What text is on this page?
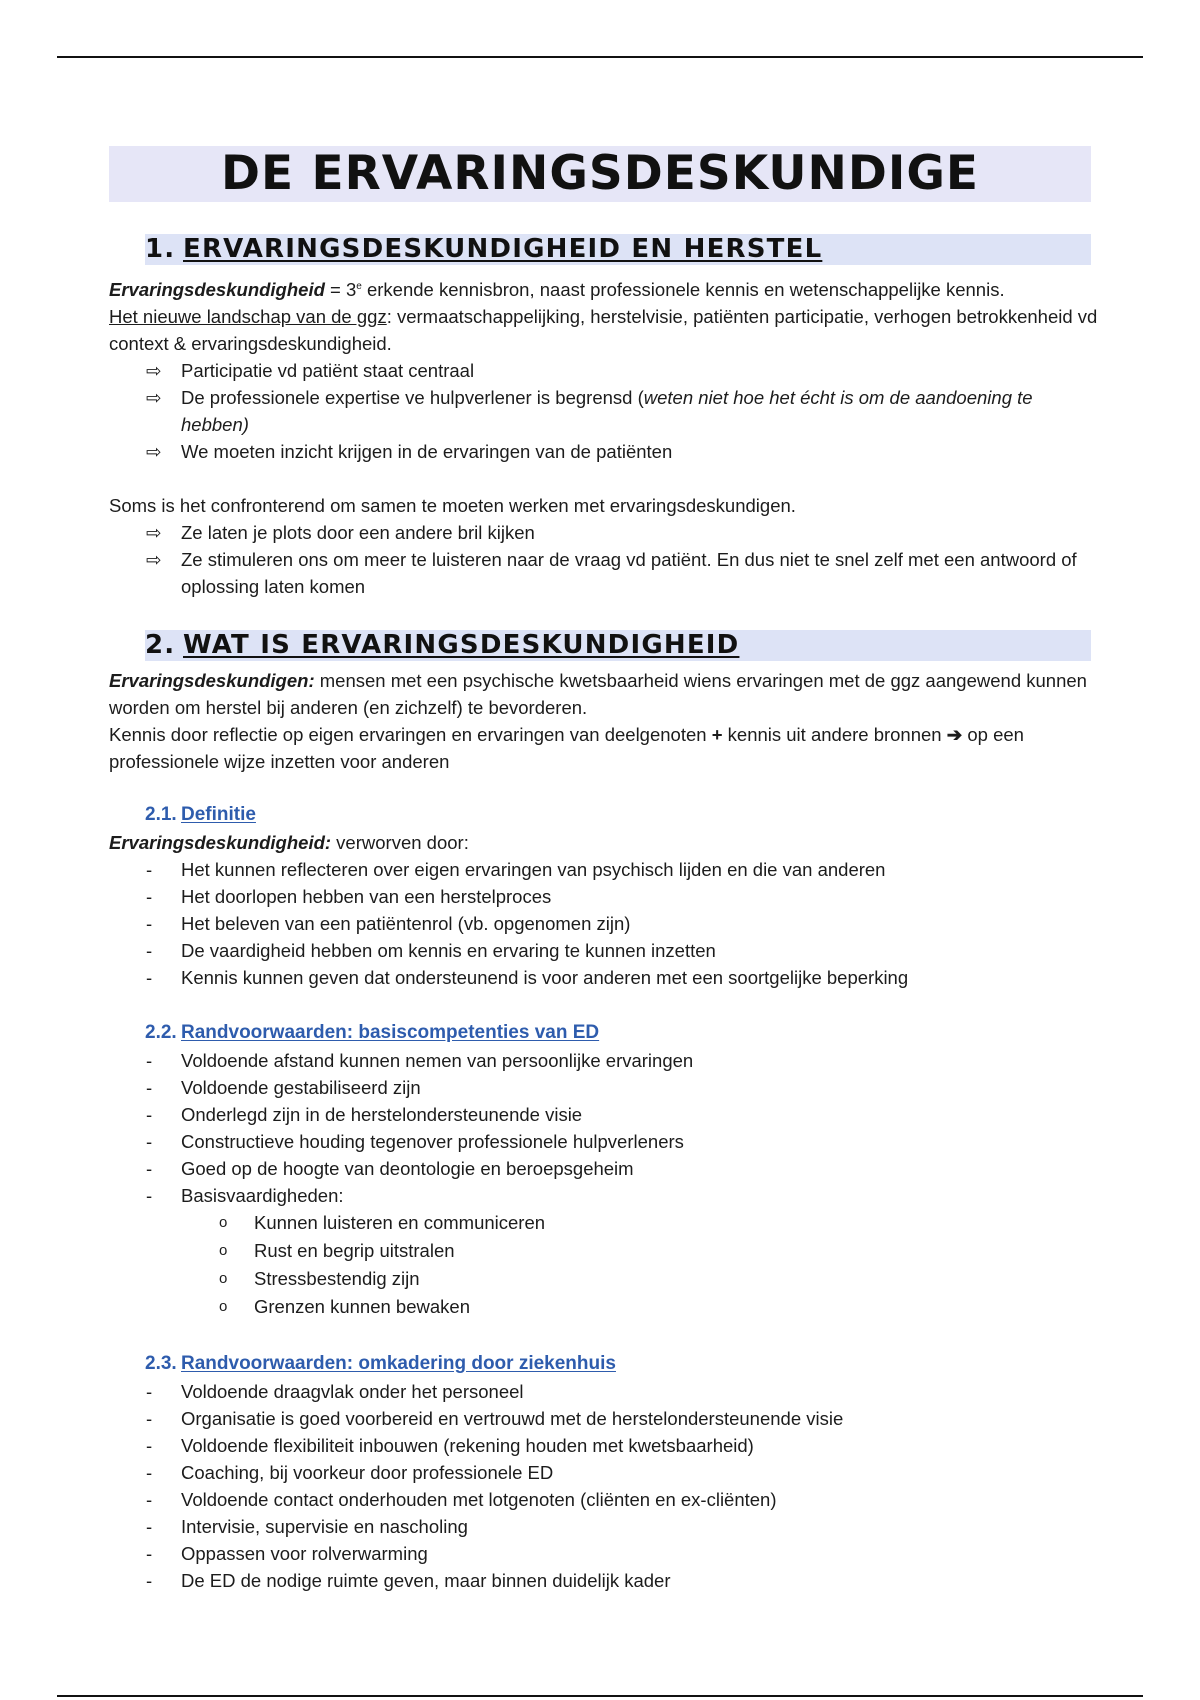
DE ERVARINGSDESKUNDIGE
1. ERVARINGSDESKUNDIGHEID EN HERSTEL

Ervaringsdeskundigheid = $3^e$ erkende kennisbron, naast professionele kennis en wetenschappelijke kennis.

Het nieuwe landschap van de ggz: vermaatschappelijking, herstelvisie, patiënten participatie, verhogen betrokkenheid vd context & ervaringsdeskundigheid.

⇨ Participatie vd patiënt staat centraal
⇨ De professionele expertise ve hulpverlener is begrensd (weten niet hoe het écht is om de aandoening te hebben)
⇨ We moeten inzicht krijgen in de ervaringen van de patiënten

Soms is het confronterend om samen te moeten werken met ervaringsdeskundigen.

⇨ Ze laten je plots door een andere bril kijken
⇨ Ze stimuleren ons om meer te luisteren naar de vraag vd patiënt. En dus niet te snel zelf met een antwoord of oplossing laten komen
2. WAT IS ERVARINGSDESKUNDIGHEID

Ervaringsdeskundigen: mensen met een psychische kwetsbaarheid wiens ervaringen met de ggz aangewend kunnen worden om herstel bij anderen (en zichzelf) te bevorderen.

Kennis door reflectie op eigen ervaringen en ervaringen van deelgenoten + kennis uit andere bronnen ➔ op een professionele wijze inzetten voor anderen

2.1. Definitie

Ervaringsdeskundigheid: verworven door:

- Het kunnen reflecteren over eigen ervaringen van psychisch lijden en die van anderen
- Het doorlopen hebben van een herstelproces
- Het beleven van een patiëntenrol (vb. opgenomen zijn)
- De vaardigheid hebben om kennis en ervaring te kunnen inzetten
- Kennis kunnen geven dat ondersteunend is voor anderen met een soortgelijke beperking
2.2. Randvoorwaarden: basiscompetenties van ED
- Voldoende afstand kunnen nemen van persoonlijke ervaringen
- Voldoende gestabiliseerd zijn
- Onderlegd zijn in de herstelondersteunende visie
- Constructieve houding tegenover professionele hulpverleners
- Goed op de hoogte van deontologie en beroepsgeheim
- Basisvaardigheden:
o Kunnen luisteren en communiceren
o Rust en begrip uitstralen
o Stressbestendig zijn
o Grenzen kunnen bewaken
2.3. Randvoorwaarden: omkadering door ziekenhuis
- Voldoende draagvlak onder het personeel
- Organisatie is goed voorbereid en vertrouwd met de herstelondersteunende visie
- Voldoende flexibiliteit inbouwen (rekening houden met kwetsbaarheid)
- Coaching, bij voorkeur door professionele ED
- Voldoende contact onderhouden met lotgenoten (cliënten en ex-cliënten)
- Intervisie, supervisie en nascholing
- Oppassen voor rolverwarming
- De ED de nodige ruimte geven, maar binnen duidelijk kader
